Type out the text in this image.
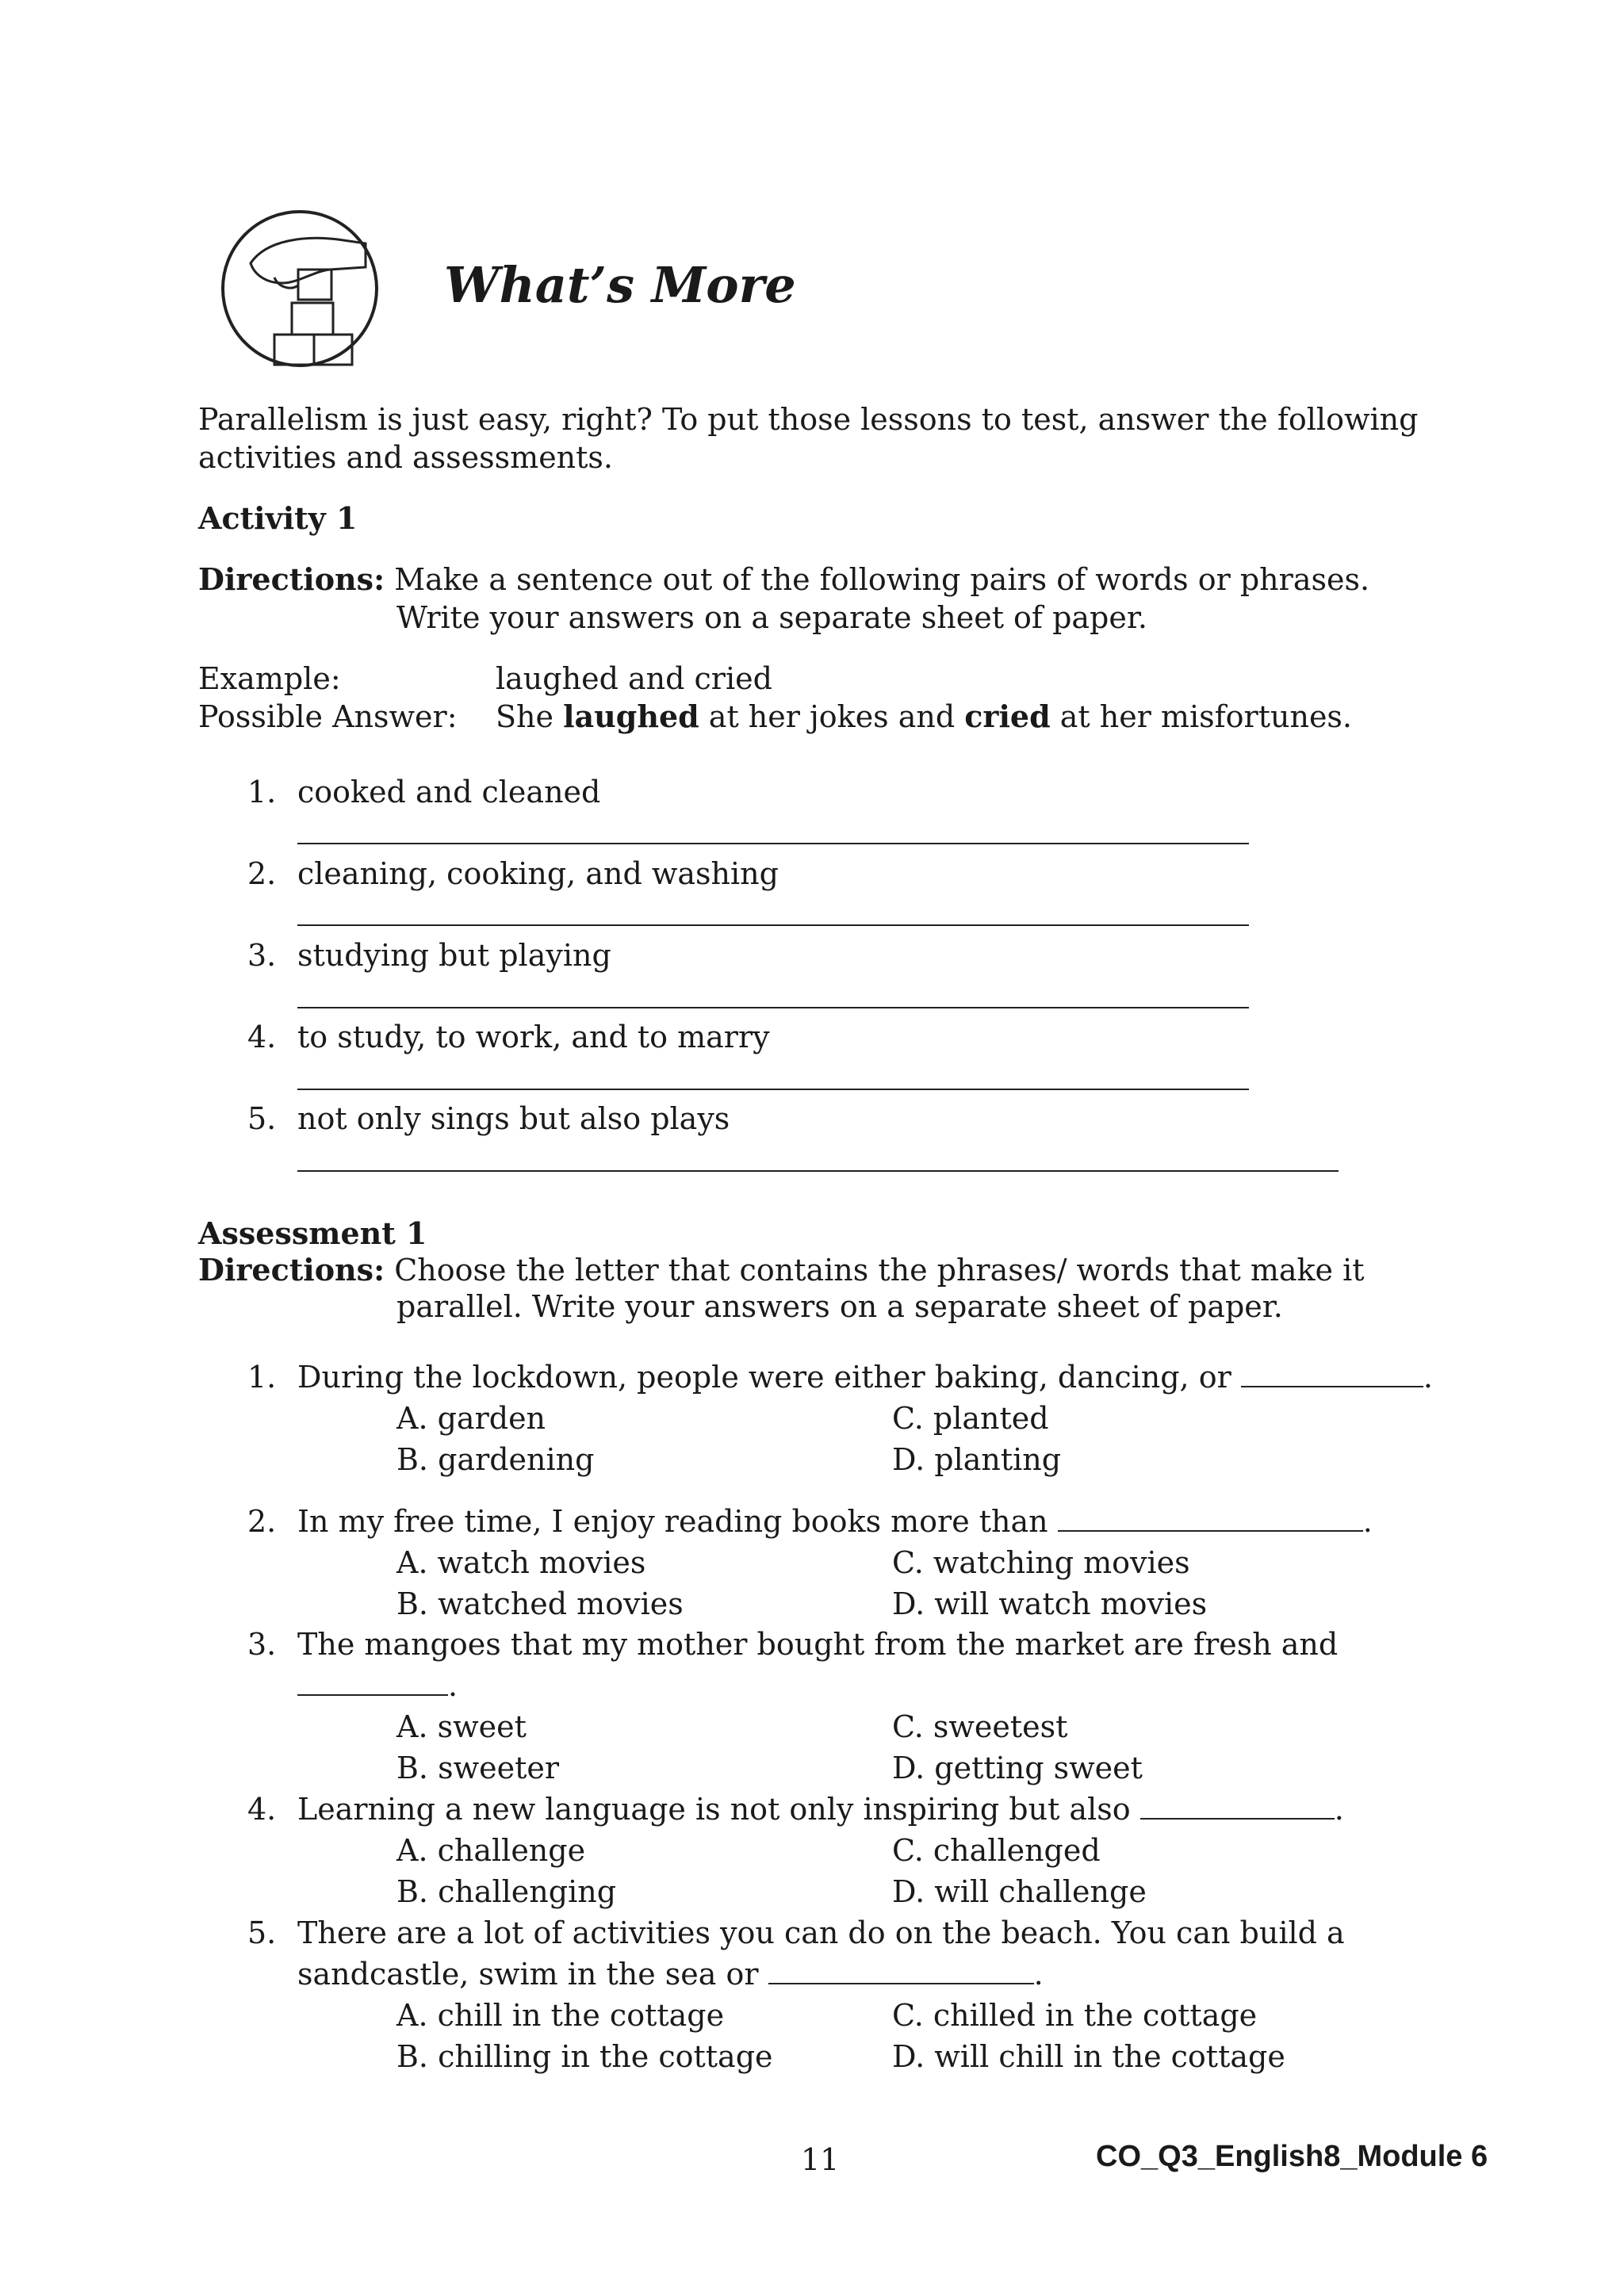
What’s More
Parallelism is just easy, right? To put those lessons to test, answer the following
activities and assessments.
Activity 1
Directions: Make a sentence out of the following pairs of words or phrases.
Write your answers on a separate sheet of paper.
Example:	laughed and cried
Possible Answer: She laughed at her jokes and cried at her misfortunes.
1. cooked and cleaned
2. cleaning, cooking, and washing
3. studying but playing
4. to study, to work, and to marry
5. not only sings but also plays
Assessment 1
Directions: Choose the letter that contains the phrases/ words that make it
parallel. Write your answers on a separate sheet of paper.
1. During the lockdown, people were either baking, dancing, or	.
A. garden	C. planted
B. gardening	D. planting
2. In my free time, I enjoy reading books more than	.
A. watch movies	C. watching movies
B. watched movies	D. will watch movies
3. The mangoes that my mother bought from the market are fresh and
.
A. sweet	C. sweetest
B. sweeter	D. getting sweet
4. Learning a new language is not only inspiring but also	.
A. challenge	C. challenged
B. challenging	D. will challenge
5. There are a lot of activities you can do on the beach. You can build a
sandcastle, swim in the sea or	.
A. chill in the cottage	C. chilled in the cottage
B. chilling in the cottage	D. will chill in the cottage
11	CO_Q3_English8_Module 6
